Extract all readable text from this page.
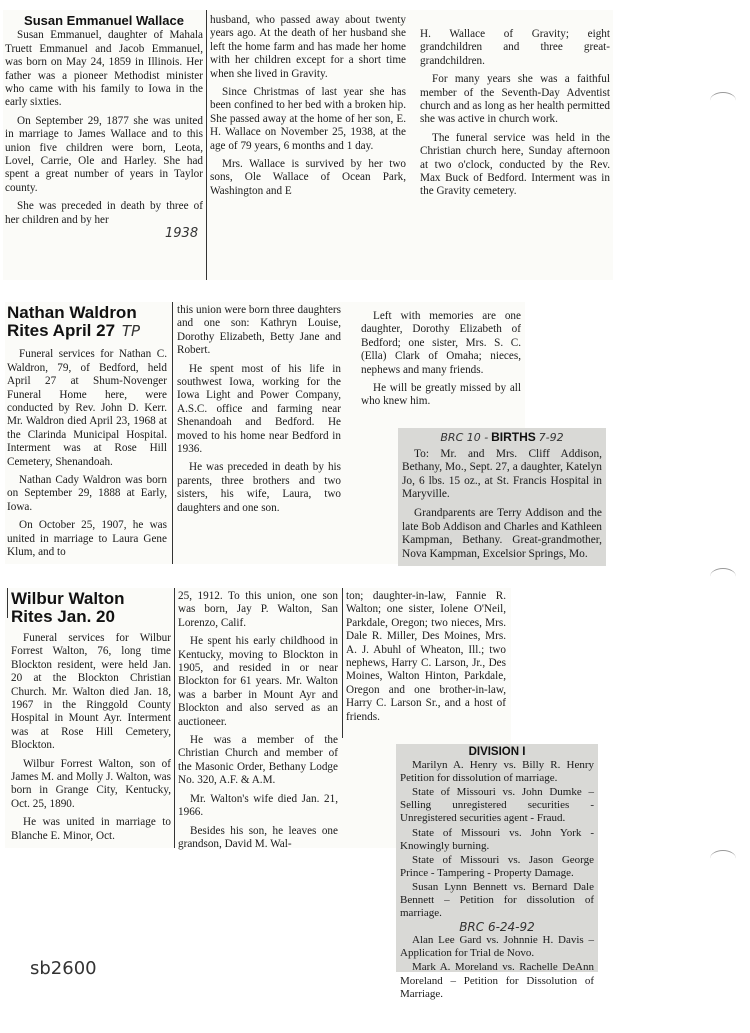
Susan Emmanuel Wallace

Susan Emmanuel, daughter of Mahala Truett Emmanuel and Jacob Emmanuel, was born on May 24, 1859 in Illinois. Her father was a pioneer Methodist minister who came with his family to Iowa in the early sixties.

On September 29, 1877 she was united in marriage to James Wallace and to this union five children were born, Leota, Lovel, Carrie, Ole and Harley. She had spent a great number of years in Taylor county.

She was preceded in death by three of her children and by her

1938

husband, who passed away about twenty years ago. At the death of her husband she left the home farm and has made her home with her children except for a short time when she lived in Gravity.

Since Christmas of last year she has been confined to her bed with a broken hip. She passed away at the home of her son, E. H. Wallace on November 25, 1938, at the age of 79 years, 6 months and 1 day.

Mrs. Wallace is survived by her two sons, Ole Wallace of Ocean Park, Washington and E

H. Wallace of Gravity; eight grandchildren and three great-grandchildren.

For many years she was a faithful member of the Seventh-Day Adventist church and as long as her health permitted she was active in church work.

The funeral service was held in the Christian church here, Sunday afternoon at two o'clock, conducted by the Rev. Max Buck of Bedford. Interment was in the Gravity cemetery.

Nathan Waldron
Rites April 27 TP

Funeral services for Nathan C. Waldron, 79, of Bedford, held April 27 at Shum-Novenger Funeral Home here, were conducted by Rev. John D. Kerr. Mr. Waldron died April 23, 1968 at the Clarinda Municipal Hospital. Interment was at Rose Hill Cemetery, Shenandoah.

Nathan Cady Waldron was born on September 29, 1888 at Early, Iowa.

On October 25, 1907, he was united in marriage to Laura Gene Klum, and to

this union were born three daughters and one son: Kathryn Louise, Dorothy Elizabeth, Betty Jane and Robert.

He spent most of his life in southwest Iowa, working for the Iowa Light and Power Company, A.S.C. office and farming near Shenandoah and Bedford. He moved to his home near Bedford in 1936.

He was preceded in death by his parents, three brothers and two sisters, his wife, Laura, two daughters and one son.

Left with memories are one daughter, Dorothy Elizabeth of Bedford; one sister, Mrs. S. C. (Ella) Clark of Omaha; nieces, nephews and many friends.

He will be greatly missed by all who knew him.

BRC 10 - BIRTHS 7-92

To: Mr. and Mrs. Cliff Addison, Bethany, Mo., Sept. 27, a daughter, Katelyn Jo, 6 lbs. 15 oz., at St. Francis Hospital in Maryville.

Grandparents are Terry Addison and the late Bob Addison and Charles and Kathleen Kampman, Bethany. Great-grandmother, Nova Kampman, Excelsior Springs, Mo.

Wilbur Walton
Rites Jan. 20

Funeral services for Wilbur Forrest Walton, 76, long time Blockton resident, were held Jan. 20 at the Blockton Christian Church. Mr. Walton died Jan. 18, 1967 in the Ringgold County Hospital in Mount Ayr. Interment was at Rose Hill Cemetery, Blockton.

Wilbur Forrest Walton, son of James M. and Molly J. Walton, was born in Grange City, Kentucky, Oct. 25, 1890.

He was united in marriage to Blanche E. Minor, Oct.

25, 1912. To this union, one son was born, Jay P. Walton, San Lorenzo, Calif.

He spent his early childhood in Kentucky, moving to Blockton in 1905, and resided in or near Blockton for 61 years. Mr. Walton was a barber in Mount Ayr and Blockton and also served as an auctioneer.

He was a member of the Christian Church and member of the Masonic Order, Bethany Lodge No. 320, A.F. & A.M.

Mr. Walton's wife died Jan. 21, 1966.

Besides his son, he leaves one grandson, David M. Wal-

ton; daughter-in-law, Fannie R. Walton; one sister, Iolene O'Neil, Parkdale, Oregon; two nieces, Mrs. Dale R. Miller, Des Moines, Mrs. A. J. Abuhl of Wheaton, Ill.; two nephews, Harry C. Larson, Jr., Des Moines, Walton Hinton, Parkdale, Oregon and one brother-in-law, Harry C. Larson Sr., and a host of friends.

DIVISION I

Marilyn A. Henry vs. Billy R. Henry Petition for dissolution of marriage.

State of Missouri vs. John Dumke – Selling unregistered securities - Unregistered securities agent - Fraud.

State of Missouri vs. John York - Knowingly burning.

State of Missouri vs. Jason George Prince - Tampering - Property Damage.

Susan Lynn Bennett vs. Bernard Dale Bennett – Petition for dissolution of marriage.

BRC 6-24-92

Alan Lee Gard vs. Johnnie H. Davis – Application for Trial de Novo.

Mark A. Moreland vs. Rachelle DeAnn Moreland – Petition for Dissolution of Marriage.

sb2600
